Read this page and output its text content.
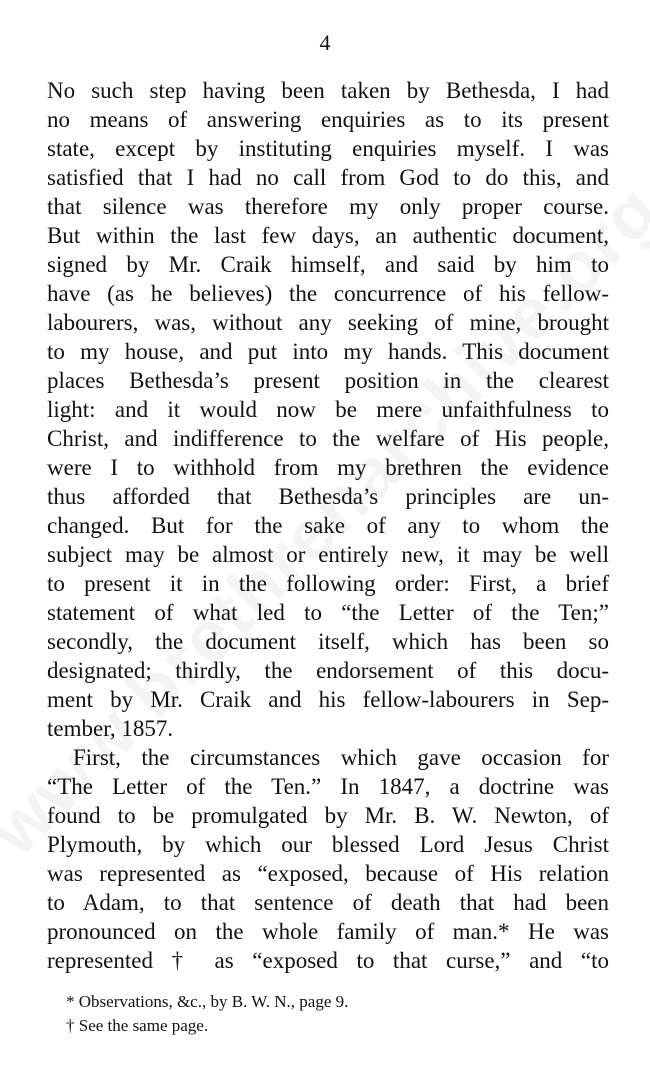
4
No such step having been taken by Bethesda, I had
no means of answering enquiries as to its present
state, except by instituting enquiries myself. I was
satisfied that I had no call from God to do this, and
that silence was therefore my only proper course.
But within the last few days, an authentic document,
signed by Mr. Craik himself, and said by him to
have (as he believes) the concurrence of his fellow-
labourers, was, without any seeking of mine, brought
to my house, and put into my hands. This document
places Bethesda’s present position in the clearest
light: and it would now be mere unfaithfulness to
Christ, and indifference to the welfare of His people,
were I to withhold from my brethren the evidence
thus afforded that Bethesda’s principles are un-
changed. But for the sake of any to whom the
subject may be almost or entirely new, it may be well
to present it in the following order: First, a brief
statement of what led to “the Letter of the Ten;”
secondly, the document itself, which has been so
designated; thirdly, the endorsement of this docu-
ment by Mr. Craik and his fellow-labourers in Sep-
tember, 1857.
First, the circumstances which gave occasion for
“The Letter of the Ten.” In 1847, a doctrine was
found to be promulgated by Mr. B. W. Newton, of
Plymouth, by which our blessed Lord Jesus Christ
was represented as “exposed, because of His relation
to Adam, to that sentence of death that had been
pronounced on the whole family of man.* He was
represented † as “exposed to that curse,” and “to
* Observations, &c., by B. W. N., page 9.
† See the same page.
